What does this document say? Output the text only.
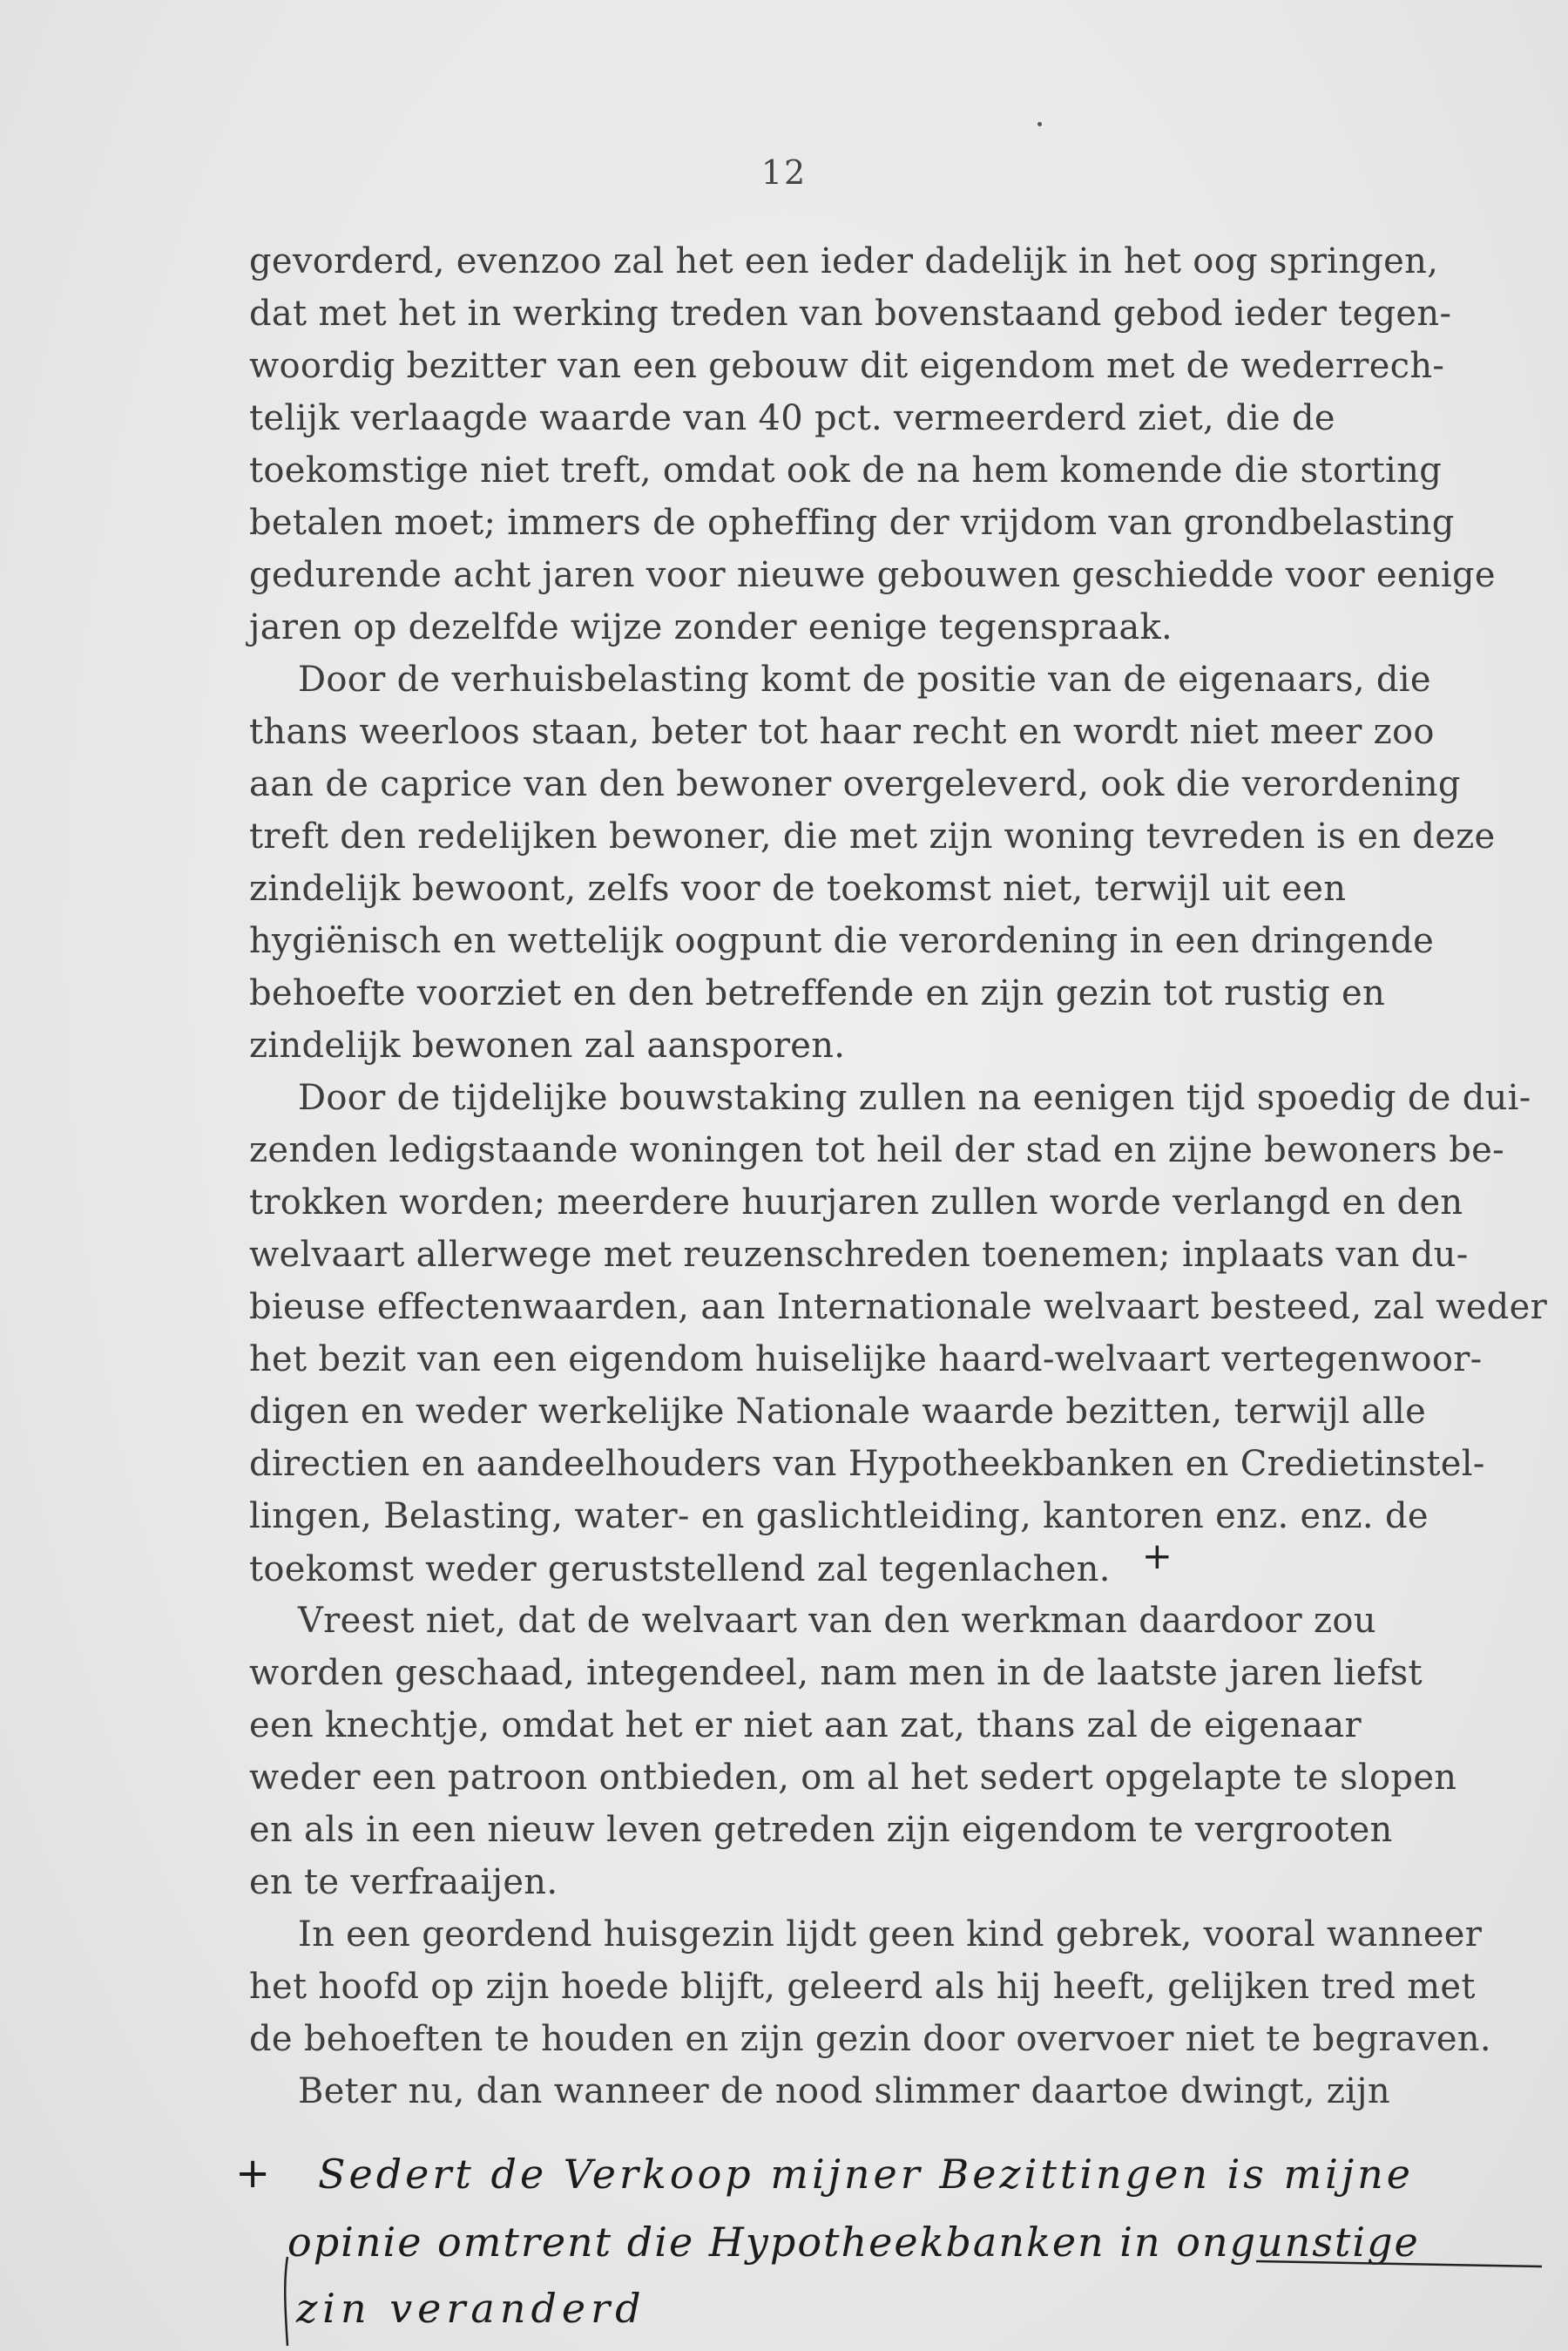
12
gevorderd, evenzoo zal het een ieder dadelijk in het oog springen,
dat met het in werking treden van bovenstaand gebod ieder tegen-
woordig bezitter van een gebouw dit eigendom met de wederrech-
telijk verlaagde waarde van 40 pct. vermeerderd ziet, die de
toekomstige niet treft, omdat ook de na hem komende die storting
betalen moet; immers de opheffing der vrijdom van grondbelasting
gedurende acht jaren voor nieuwe gebouwen geschiedde voor eenige
jaren op dezelfde wijze zonder eenige tegenspraak.
Door de verhuisbelasting komt de positie van de eigenaars, die
thans weerloos staan, beter tot haar recht en wordt niet meer zoo
aan de caprice van den bewoner overgeleverd, ook die verordening
treft den redelijken bewoner, die met zijn woning tevreden is en deze
zindelijk bewoont, zelfs voor de toekomst niet, terwijl uit een
hygiënisch en wettelijk oogpunt die verordening in een dringende
behoefte voorziet en den betreffende en zijn gezin tot rustig en
zindelijk bewonen zal aansporen.
Door de tijdelijke bouwstaking zullen na eenigen tijd spoedig de dui-
zenden ledigstaande woningen tot heil der stad en zijne bewoners be-
trokken worden; meerdere huurjaren zullen worde verlangd en den
welvaart allerwege met reuzenschreden toenemen; inplaats van du-
bieuse effectenwaarden, aan Internationale welvaart besteed, zal weder
het bezit van een eigendom huiselijke haard-welvaart vertegenwoor-
digen en weder werkelijke Nationale waarde bezitten, terwijl alle
directien en aandeelhouders van Hypotheekbanken en Credietinstel-
lingen, Belasting, water- en gaslichtleiding, kantoren enz. enz. de
toekomst weder geruststellend zal tegenlachen. +
Vreest niet, dat de welvaart van den werkman daardoor zou
worden geschaad, integendeel, nam men in de laatste jaren liefst
een knechtje, omdat het er niet aan zat, thans zal de eigenaar
weder een patroon ontbieden, om al het sedert opgelapte te slopen
en als in een nieuw leven getreden zijn eigendom te vergrooten
en te verfraaijen.
In een geordend huisgezin lijdt geen kind gebrek, vooral wanneer
het hoofd op zijn hoede blijft, geleerd als hij heeft, gelijken tred met
de behoeften te houden en zijn gezin door overvoer niet te begraven.
Beter nu, dan wanneer de nood slimmer daartoe dwingt, zijn
+ Sedert de Verkoop mijner Bezittingen is mijne
opinie omtrent die Hypotheekbanken in ongunstige
zin veranderd
